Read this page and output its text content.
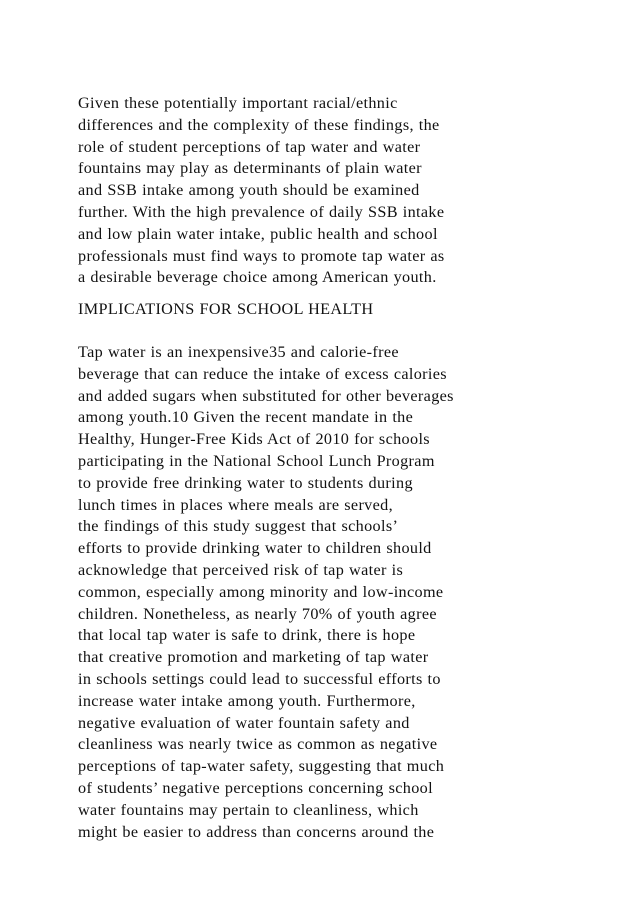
Given these potentially important racial/ethnic
differences and the complexity of these findings, the
role of student perceptions of tap water and water
fountains may play as determinants of plain water
and SSB intake among youth should be examined
further. With the high prevalence of daily SSB intake
and low plain water intake, public health and school
professionals must find ways to promote tap water as
a desirable beverage choice among American youth.
IMPLICATIONS FOR SCHOOL HEALTH
Tap water is an inexpensive35 and calorie-free
beverage that can reduce the intake of excess calories
and added sugars when substituted for other beverages
among youth.10 Given the recent mandate in the
Healthy, Hunger-Free Kids Act of 2010 for schools
participating in the National School Lunch Program
to provide free drinking water to students during
lunch times in places where meals are served,
the findings of this study suggest that schools’
efforts to provide drinking water to children should
acknowledge that perceived risk of tap water is
common, especially among minority and low-income
children. Nonetheless, as nearly 70% of youth agree
that local tap water is safe to drink, there is hope
that creative promotion and marketing of tap water
in schools settings could lead to successful efforts to
increase water intake among youth. Furthermore,
negative evaluation of water fountain safety and
cleanliness was nearly twice as common as negative
perceptions of tap-water safety, suggesting that much
of students’ negative perceptions concerning school
water fountains may pertain to cleanliness, which
might be easier to address than concerns around the
